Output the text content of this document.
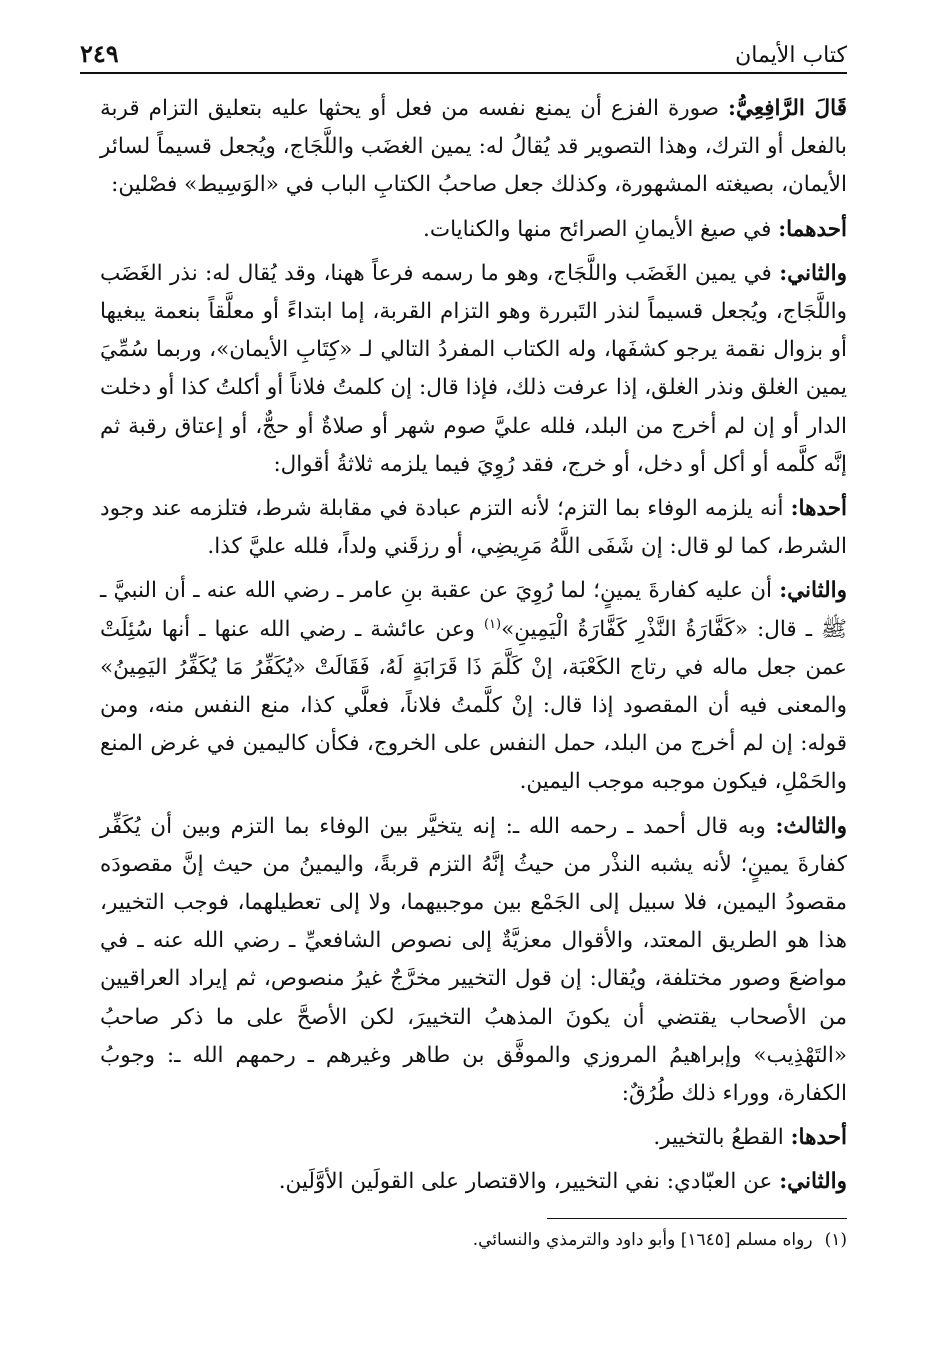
كتاب الأيمان
٢٤٩

قَالَ الرَّافِعِيُّ: صورة الفزع أن يمنع نفسه من فعل أو يحثها عليه بتعليق التزام قربة بالفعل أو الترك، وهذا التصوير قد يُقالُ له: يمين الغضَب واللَّجَاج، ويُجعل قسيماً لسائر الأيمان، بصيغته المشهورة، وكذلك جعل صاحبُ الكتابِ الباب في «الوَسِيط» فصْلين:

أحدهما: في صيغ الأيمانِ الصرائح منها والكنايات.

والثاني: في يمين الغَضَب واللَّجَاج، وهو ما رسمه فرعاً ههنا، وقد يُقال له: نذر الغَضَب واللَّجَاج، ويُجعل قسيماً لنذر التَبررة وهو التزام القربة، إما ابتداءً أو معلَّقاً بنعمة يبغيها أو بزوال نقمة يرجو كشفَها، وله الكتاب المفردُ التالي لـ «كِتَابِ الأيمان»، وربما سُمِّيَ يمين الغلق ونذر الغلق، إذا عرفت ذلك، فإذا قال: إن كلمتُ فلاناً أو أكلتُ كذا أو دخلت الدار أو إن لم أخرج من البلد، فلله عليَّ صوم شهر أو صلاةٌ أو حجٌّ، أو إعتاق رقبة ثم إنَّه كلَّمه أو أكل أو دخل، أو خرج، فقد رُوِيَ فيما يلزمه ثلاثةُ أقوال:

أحدها: أنه يلزمه الوفاء بما التزم؛ لأنه التزم عبادة في مقابلة شرط، فتلزمه عند وجود الشرط، كما لو قال: إن شَفَى اللَّهُ مَرِيضِي، أو رزقَني ولداً، فلله عليَّ كذا.

والثاني: أن عليه كفارةَ يمينٍ؛ لما رُوِيَ عن عقبة بنِ عامر ـ رضي الله عنه ـ أن النبيَّ ـ ﷺ ـ قال: «كَفَّارَةُ النَّذْرِ كَفَّارَةُ الْيَمِينِ»$^{(١)}$ وعن عائشة ـ رضي الله عنها ـ أنها سُئِلَتْ عمن جعل ماله في رتاج الكَعْبَة، إنْ كَلَّمَ ذَا قَرَابَةٍ لَهُ، فَقَالَتْ «يُكَفِّرُ مَا يُكَفِّرُ اليَمِينُ» والمعنى فيه أن المقصود إذا قال: إنْ كلَّمتُ فلاناً، فعلَّي كذا، منع النفس منه، ومن قوله: إن لم أخرج من البلد، حمل النفس على الخروج، فكأن كاليمين في غرض المنع والحَمْلِ، فيكون موجبه موجب اليمين.

والثالث: وبه قال أحمد ـ رحمه الله ـ: إنه يتخيَّر بين الوفاء بما التزم وبين أن يُكَفِّر كفارةَ يمينٍ؛ لأنه يشبه النذْر من حيثُ إنَّهُ التزم قربةً، واليمينُ من حيث إنَّ مقصودَه مقصودُ اليمين، فلا سبيل إلى الجَمْع بين موجبيهما، ولا إلى تعطيلهما، فوجب التخيير، هذا هو الطريق المعتد، والأقوال معزيَّةٌ إلى نصوص الشافعيِّ ـ رضي الله عنه ـ في مواضعَ وصور مختلفة، ويُقال: إن قول التخيير مخرَّجٌ غيرُ منصوص، ثم إيراد العراقيين من الأصحاب يقتضي أن يكونَ المذهبُ التخييرَ، لكن الأصحَّ على ما ذكر صاحبُ «التَهْذِيب» وإبراهيمُ المروزي والموفَّق بن طاهر وغيرهم ـ رحمهم الله ـ: وجوبُ الكفارة، ووراء ذلك طُرُقٌ:

أحدها: القطعُ بالتخيير.

والثاني: عن العبّادي: نفي التخيير، والاقتصار على القولَين الأوَّلَين.

(١)رواه مسلم [١٦٤٥] وأبو داود والترمذي والنسائي.
